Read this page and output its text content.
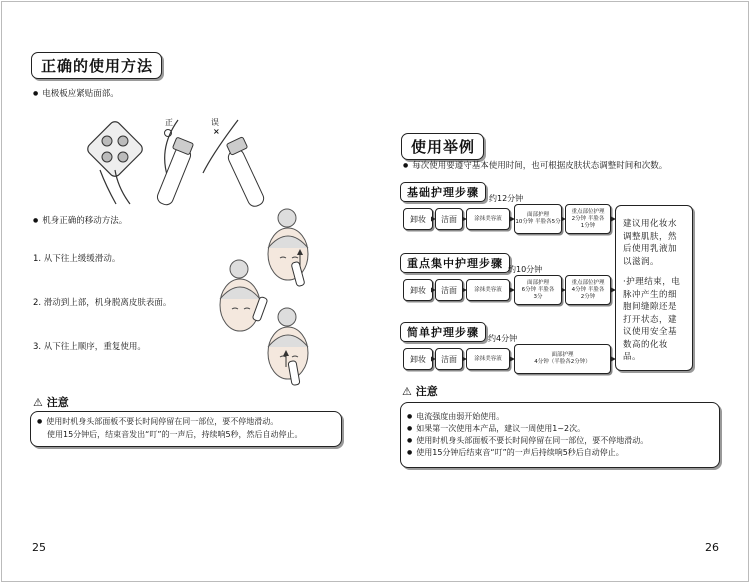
正确的使用方法
● 电极板应紧贴面部。
正	误
×
● 机身正确的移动方法。
1. 从下往上缓缓滑动。
2. 滑动到上部，机身脱离皮肤表面。
3. 从下往上顺序，重复使用。
⚠ 注意
● 使用时机身头部面板不要长时间停留在同一部位，要不停地滑动。
使用15分钟后，结束音发出“叮”的一声后，持续响5秒，然后自动停止。
25
使用举例
● 每次使用要遵守基本使用时间，也可根据皮肤状态调整时间和次数。
基础护理步骤	约12分钟
卸妆 洁面	涂抹美容液
面部护理
10分钟 半脸各5分
重点部位护理
2分钟 半脸各
1分钟
重点集中护理步骤 约10分钟
卸妆 洁面	涂抹美容液
面部护理
6分钟 半脸各
3分
重点部位护理
4分钟 半脸各
2分钟
简单护理步骤	约4分钟
卸妆 洁面	涂抹美容液
面部护理
4分钟（半脸各2分钟）
建议用化妆水调整肌肤，然后使用乳液加以滋润。
·护理结束，电脉冲产生的细胞间缝隙还是打开状态，建议使用安全基数高的化妆品。
⚠ 注意
● 电流强度由弱开始使用。
● 如果第一次使用本产品，建议一周使用1~2次。
● 使用时机身头部面板不要长时间停留在同一部位，要不停地滑动。
● 使用15分钟后结束音“叮”的一声后持续响5秒后自动停止。
26
